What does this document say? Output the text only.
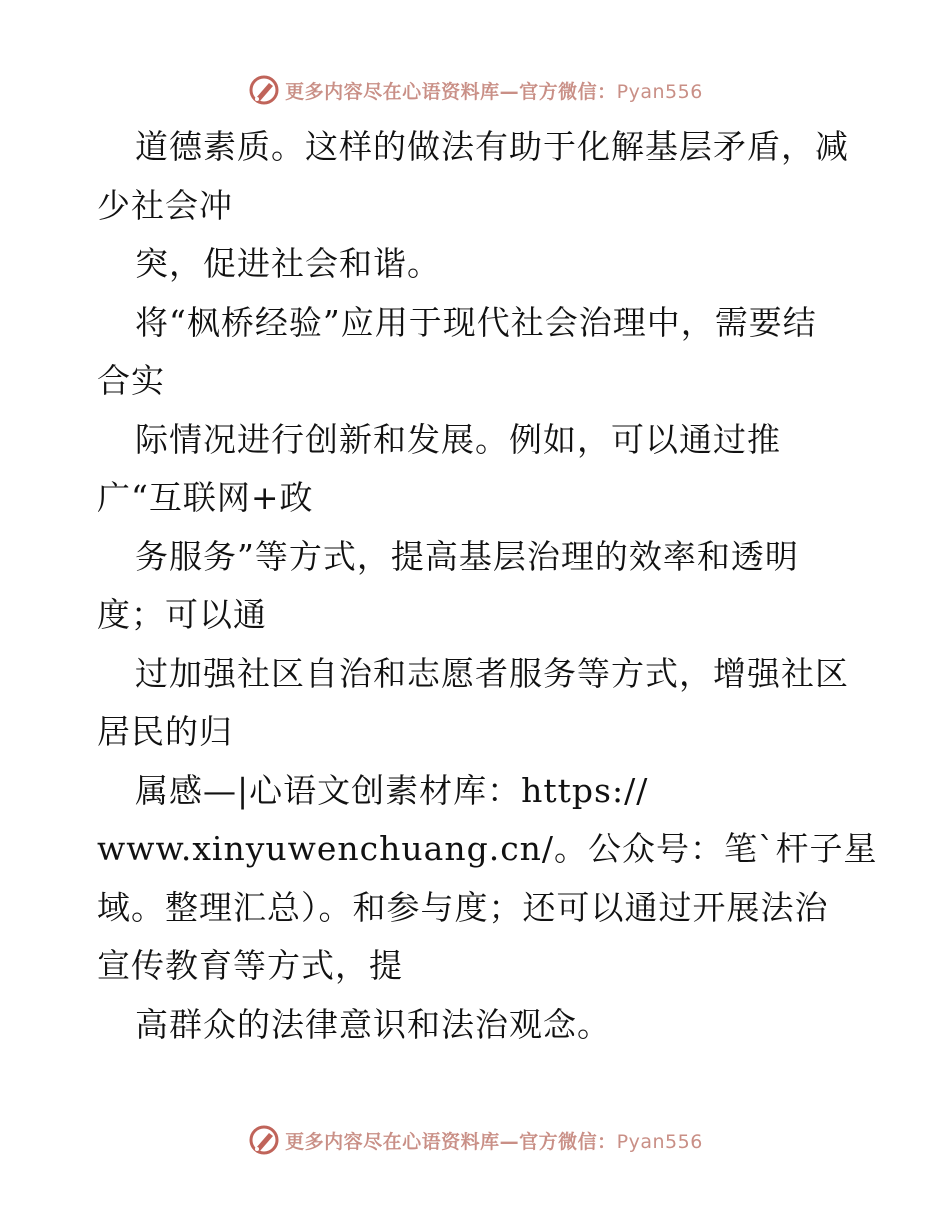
更多内容尽在心语资料库—官方微信：Pyan556
道德素质。这样的做法有助于化解基层矛盾，减
少社会冲
突，促进社会和谐。
将“枫桥经验”应用于现代社会治理中，需要结
合实
际情况进行创新和发展。例如，可以通过推
广“互联网+政
务服务”等方式，提高基层治理的效率和透明
度；可以通
过加强社区自治和志愿者服务等方式，增强社区
居民的归
属感—|心语文创素材库：https://
www.xinyuwenchuang.cn/。公众号：笔`杆子星
域。整理汇总）。和参与度；还可以通过开展法治
宣传教育等方式，提
高群众的法律意识和法治观念。
更多内容尽在心语资料库—官方微信：Pyan556
